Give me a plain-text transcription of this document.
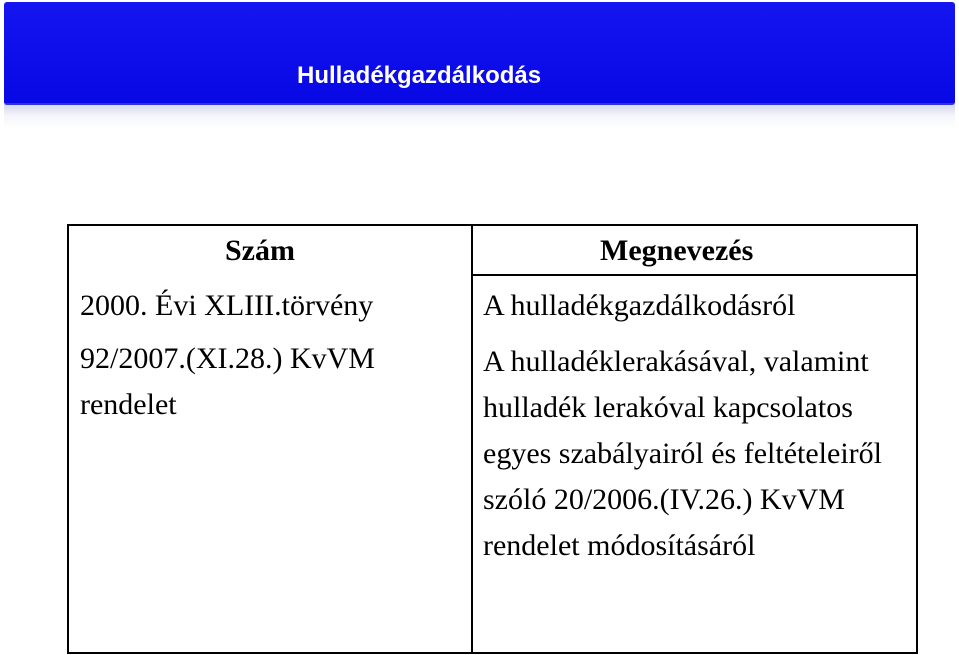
Hulladékgazdálkodás
Szám	Megnevezés
2000. Évi XLIII.törvény	A hulladékgazdálkodásról
92/2007.(XI.28.) KvVM rendelet
A hulladéklerakásával, valamint hulladék lerakóval kapcsolatos egyes szabályairól és feltételeiről szóló 20/2006.(IV.26.) KvVM rendelet módosításáról
